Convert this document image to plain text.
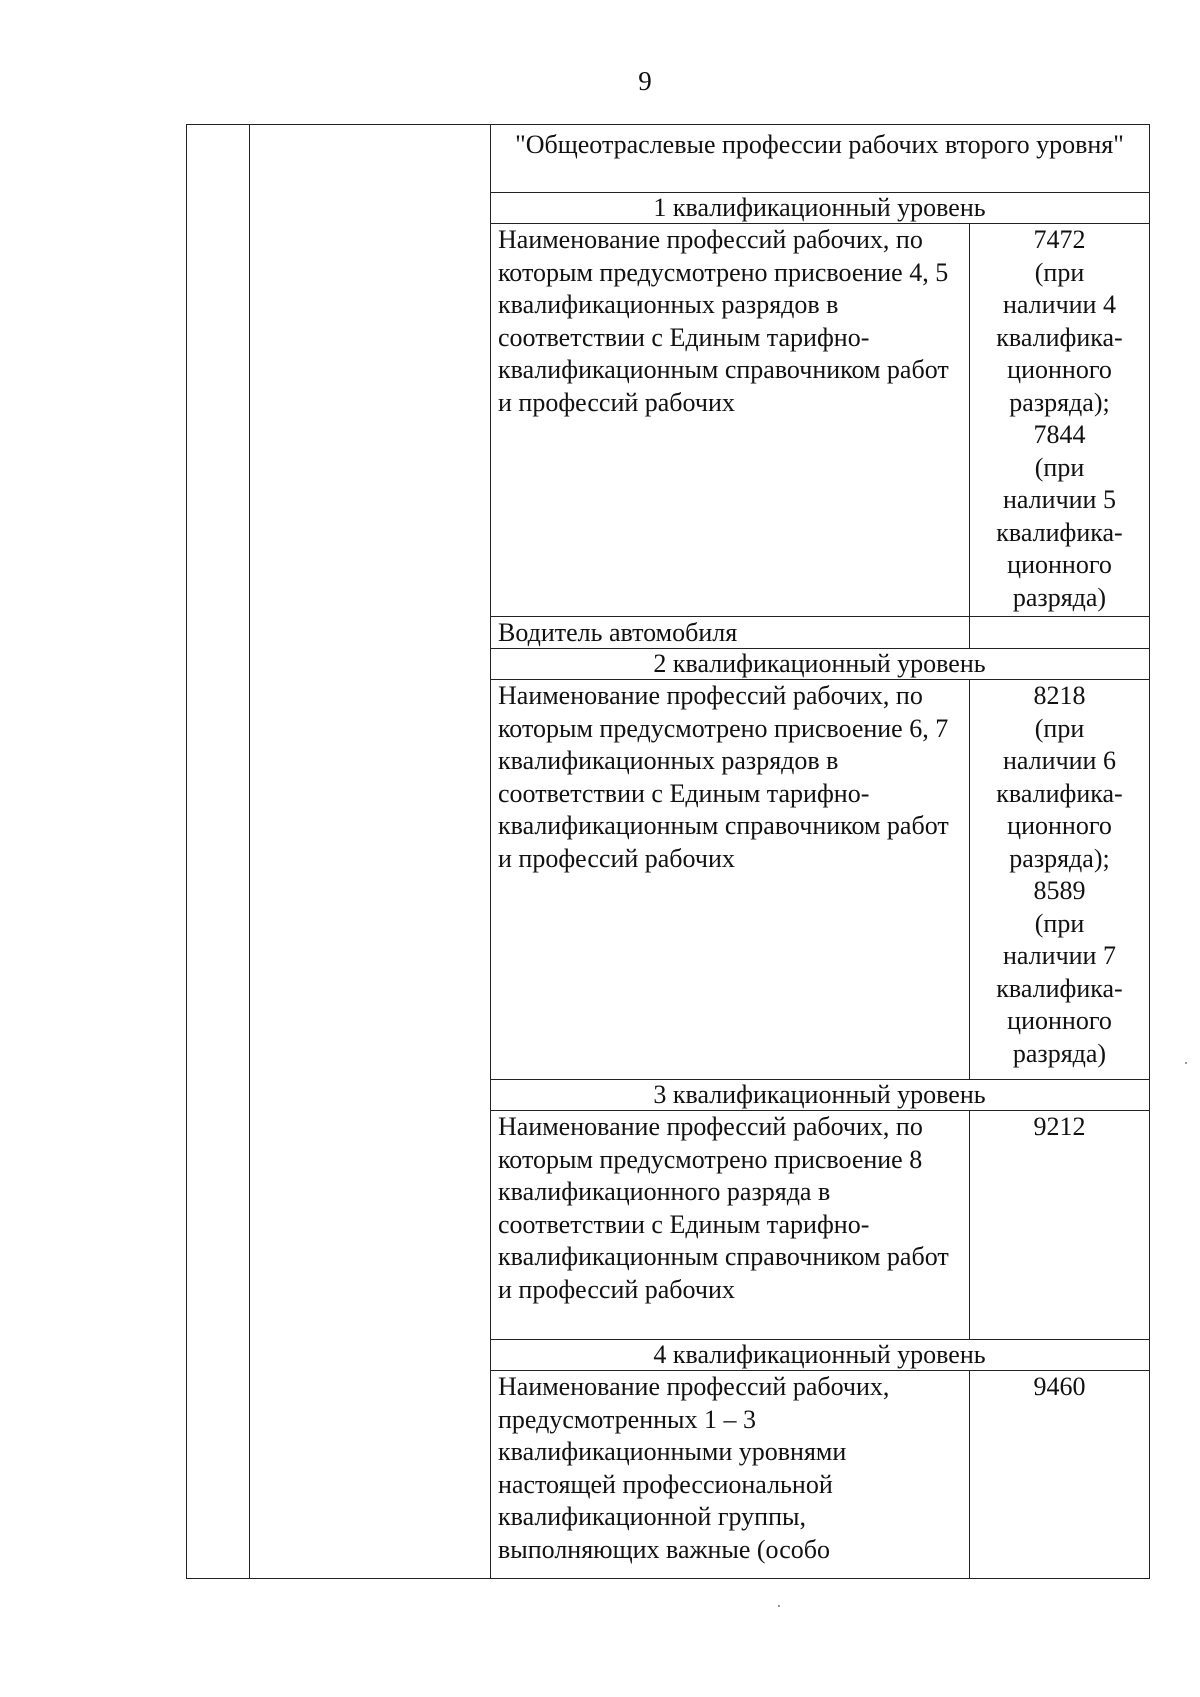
9
"Общеотраслевые профессии рабочих второго уровня"
1 квалификационный уровень
Наименование профессий рабочих, по которым предусмотрено присвоение 4, 5 квалификационных разрядов в соответствии с Единым тарифно-квалификационным справочником работ и профессий рабочих
7472
(при
наличии 4
квалифика-
ционного
разряда);
7844
(при
наличии 5
квалифика-
ционного
разряда)
Водитель автомобиля
2 квалификационный уровень
Наименование профессий рабочих, по которым предусмотрено присвоение 6, 7 квалификационных разрядов в соответствии с Единым тарифно-квалификационным справочником работ и профессий рабочих
8218
(при
наличии 6
квалифика-
ционного
разряда);
8589
(при
наличии 7
квалифика-
ционного
разряда)
3 квалификационный уровень
Наименование профессий рабочих, по которым предусмотрено присвоение 8 квалификационного разряда в соответствии с Единым тарифно-квалификационным справочником работ и профессий рабочих
9212
4 квалификационный уровень
Наименование профессий рабочих, предусмотренных 1 – 3 квалификационными уровнями настоящей профессиональной квалификационной группы, выполняющих важные (особо
9460
